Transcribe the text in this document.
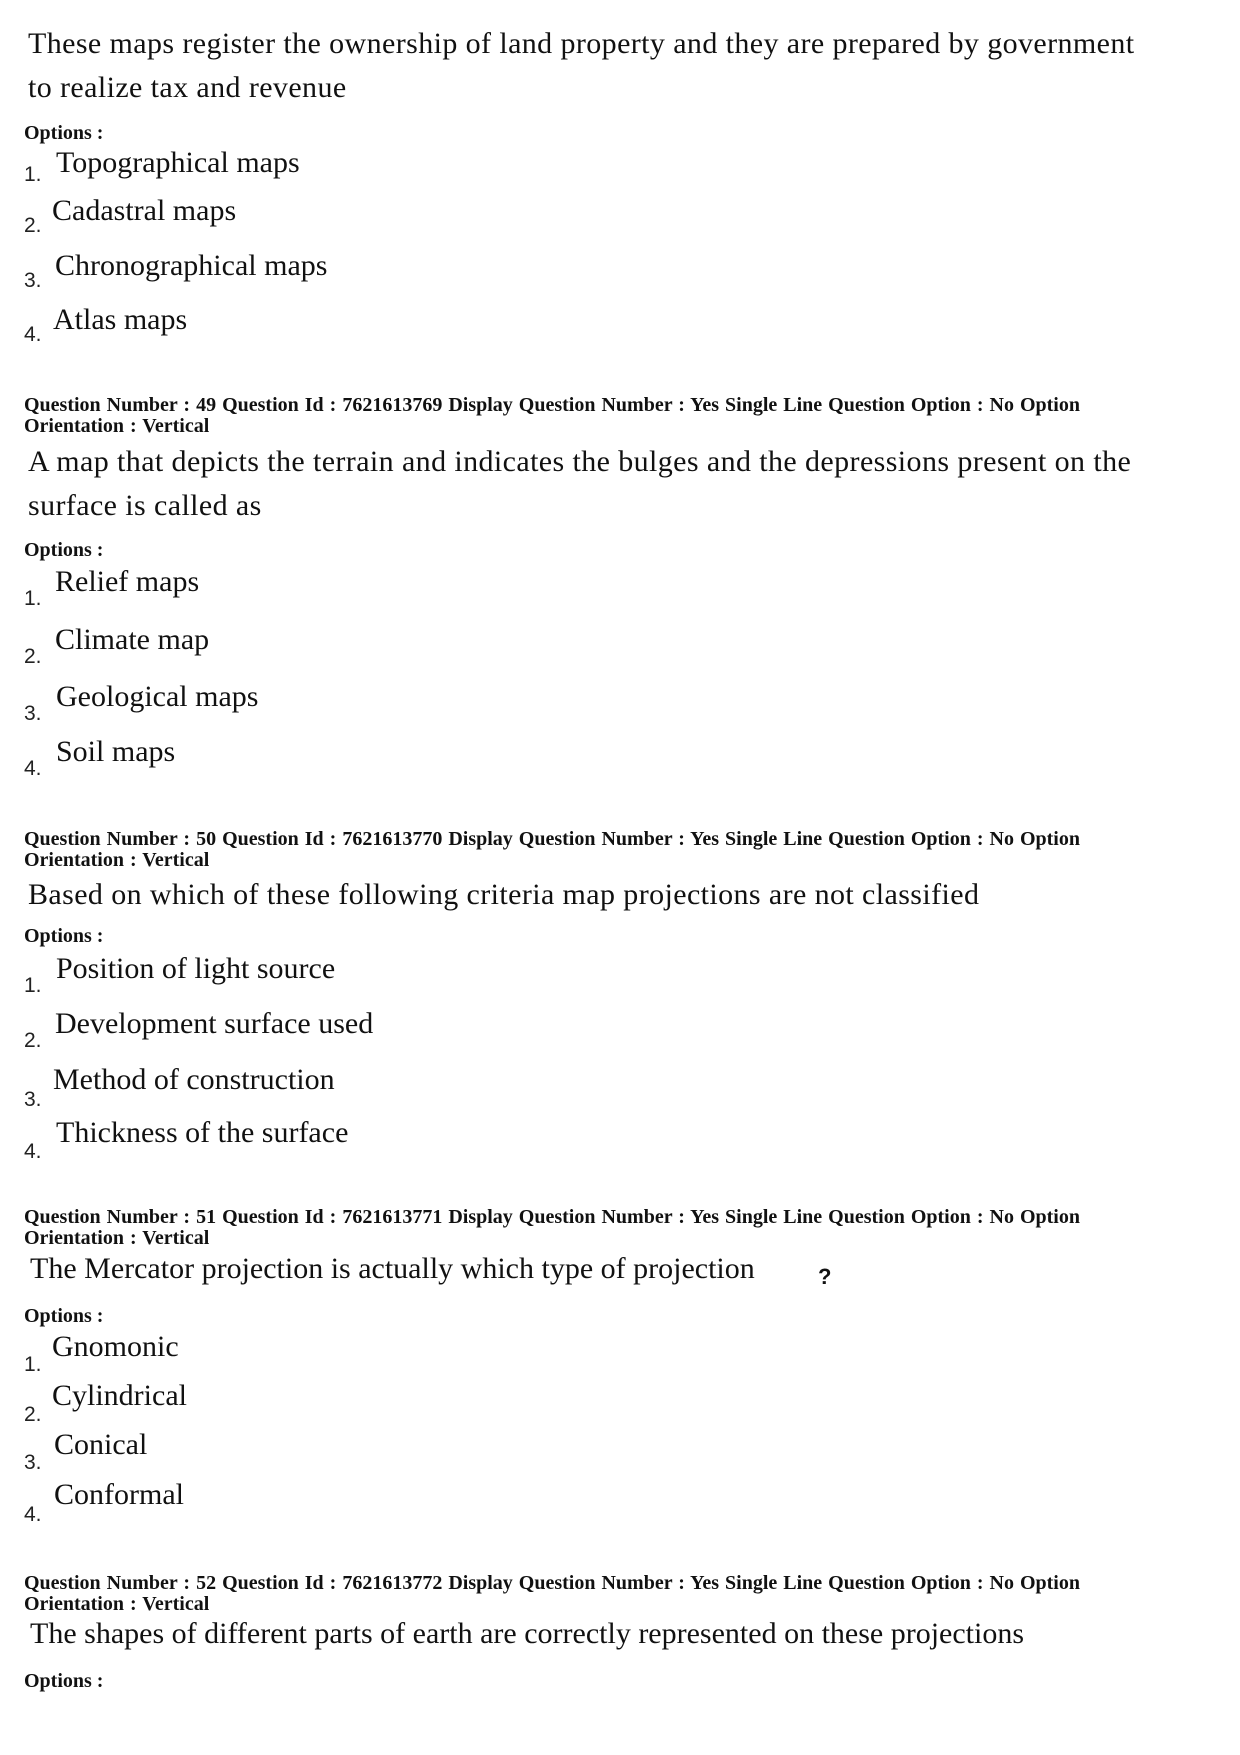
These maps register the ownership of land property and they are prepared by government to realize tax and revenue
Options :
1. Topographical maps
2. Cadastral maps
3. Chronographical maps
4. Atlas maps
Question Number : 49 Question Id : 7621613769 Display Question Number : Yes Single Line Question Option : No Option Orientation : Vertical
A map that depicts the terrain and indicates the bulges and the depressions present on the surface is called as
Options :
1.
Relief maps
2.
Climate map
3.
Geological maps
4.
Soil maps
Question Number : 50 Question Id : 7621613770 Display Question Number : Yes Single Line Question Option : No Option Orientation : Vertical
Based on which of these following criteria map projections are not classified
Options :
1.
Position of light source
2.
Development surface used
3.
Method of construction
4.
Thickness of the surface
Question Number : 51 Question Id : 7621613771 Display Question Number : Yes Single Line Question Option : No Option Orientation : Vertical
The Mercator projection is actually which type of projection	?
Options :
1.
Gnomonic
2.
Cylindrical
3.
Conical
4.
Conformal
Question Number : 52 Question Id : 7621613772 Display Question Number : Yes Single Line Question Option : No Option Orientation : Vertical
The shapes of different parts of earth are correctly represented on these projections
Options :
